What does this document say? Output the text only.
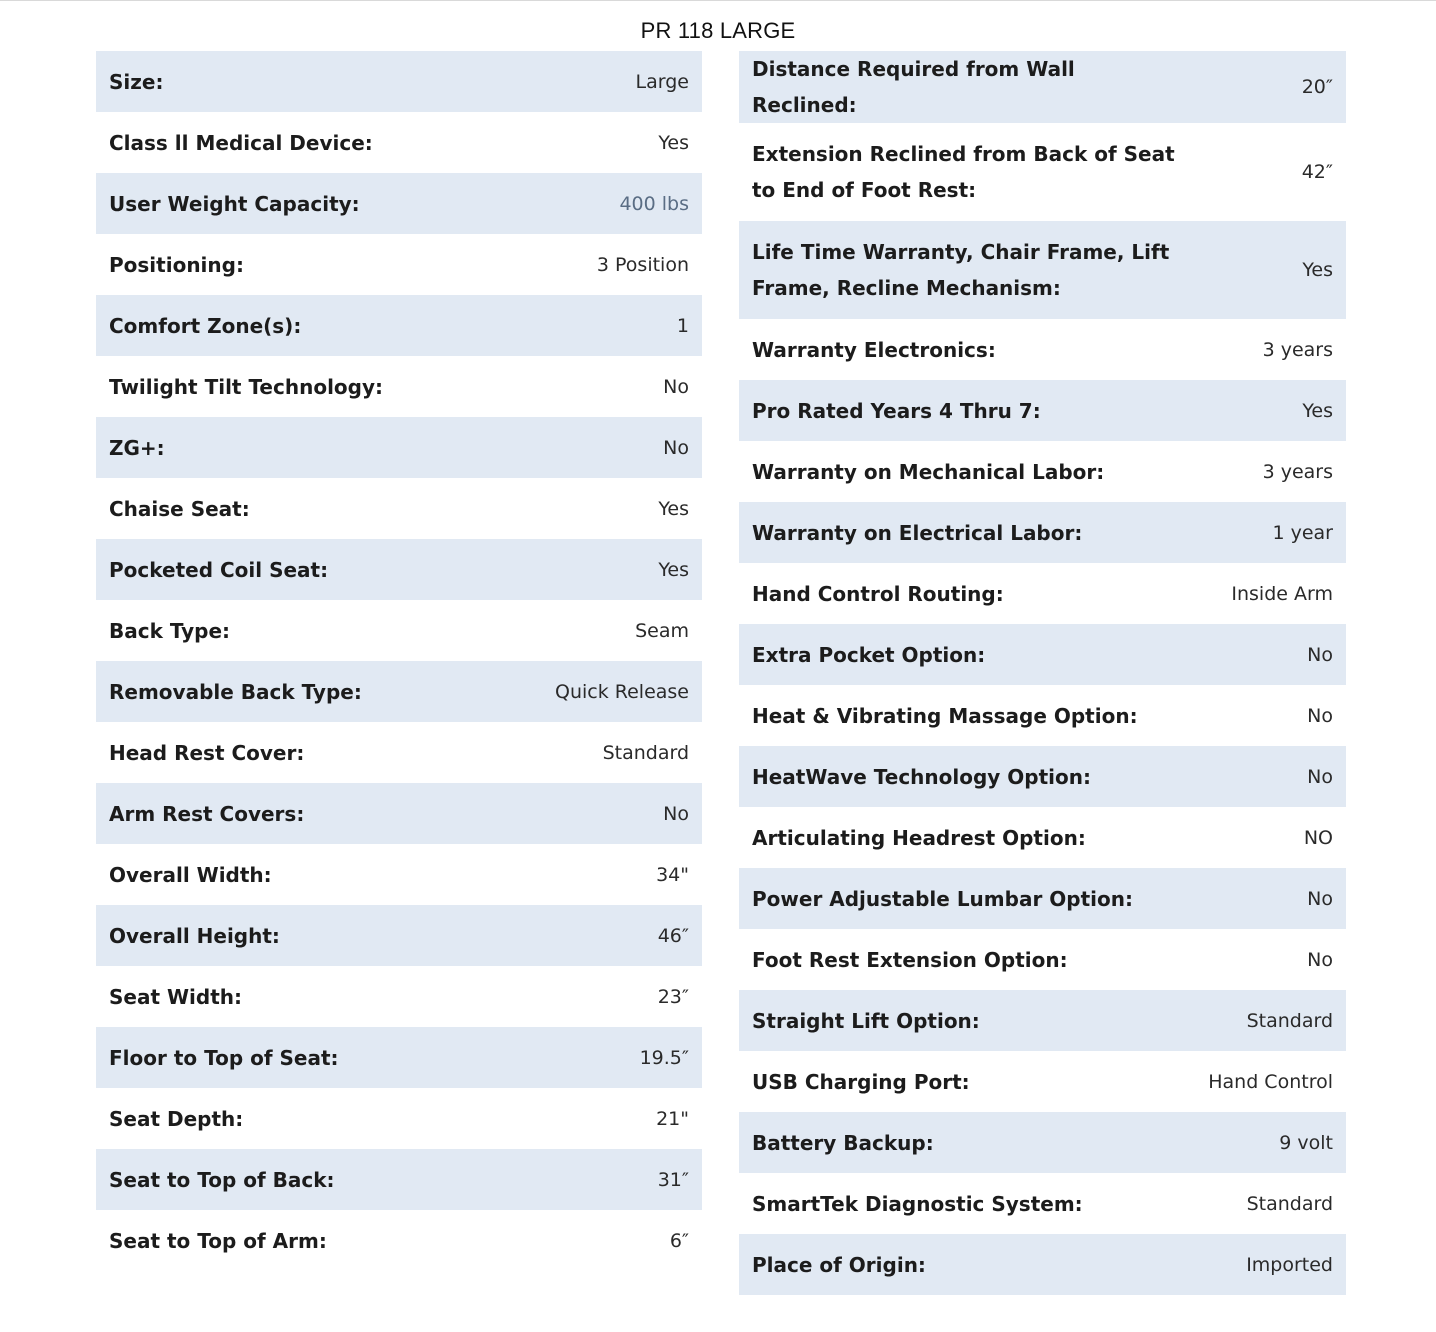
PR 118 LARGE
Size:	Large
Class ll Medical Device:	Yes
User Weight Capacity:	400 lbs
Positioning:	3 Position
Comfort Zone(s):	1
Twilight Tilt Technology:	No
ZG+:	No
Chaise Seat:	Yes
Pocketed Coil Seat:	Yes
Back Type:	Seam
Removable Back Type:	Quick Release
Head Rest Cover:	Standard
Arm Rest Covers:	No
Overall Width:	34"
Overall Height:	46″
Seat Width:	23″
Floor to Top of Seat:	19.5″
Seat Depth:	21"
Seat to Top of Back:	31″
Seat to Top of Arm:	6″
Distance Required from Wall Reclined:	20″
Extension Reclined from Back of Seat to End of Foot Rest:	42″
Life Time Warranty, Chair Frame, Lift Frame, Recline Mechanism:	Yes
Warranty Electronics:	3 years
Pro Rated Years 4 Thru 7:	Yes
Warranty on Mechanical Labor:	3 years
Warranty on Electrical Labor:	1 year
Hand Control Routing:	Inside Arm
Extra Pocket Option:	No
Heat & Vibrating Massage Option:	No
HeatWave Technology Option:	No
Articulating Headrest Option:	NO
Power Adjustable Lumbar Option:	No
Foot Rest Extension Option:	No
Straight Lift Option:	Standard
USB Charging Port:	Hand Control
Battery Backup:	9 volt
SmartTek Diagnostic System:	Standard
Place of Origin:	Imported
